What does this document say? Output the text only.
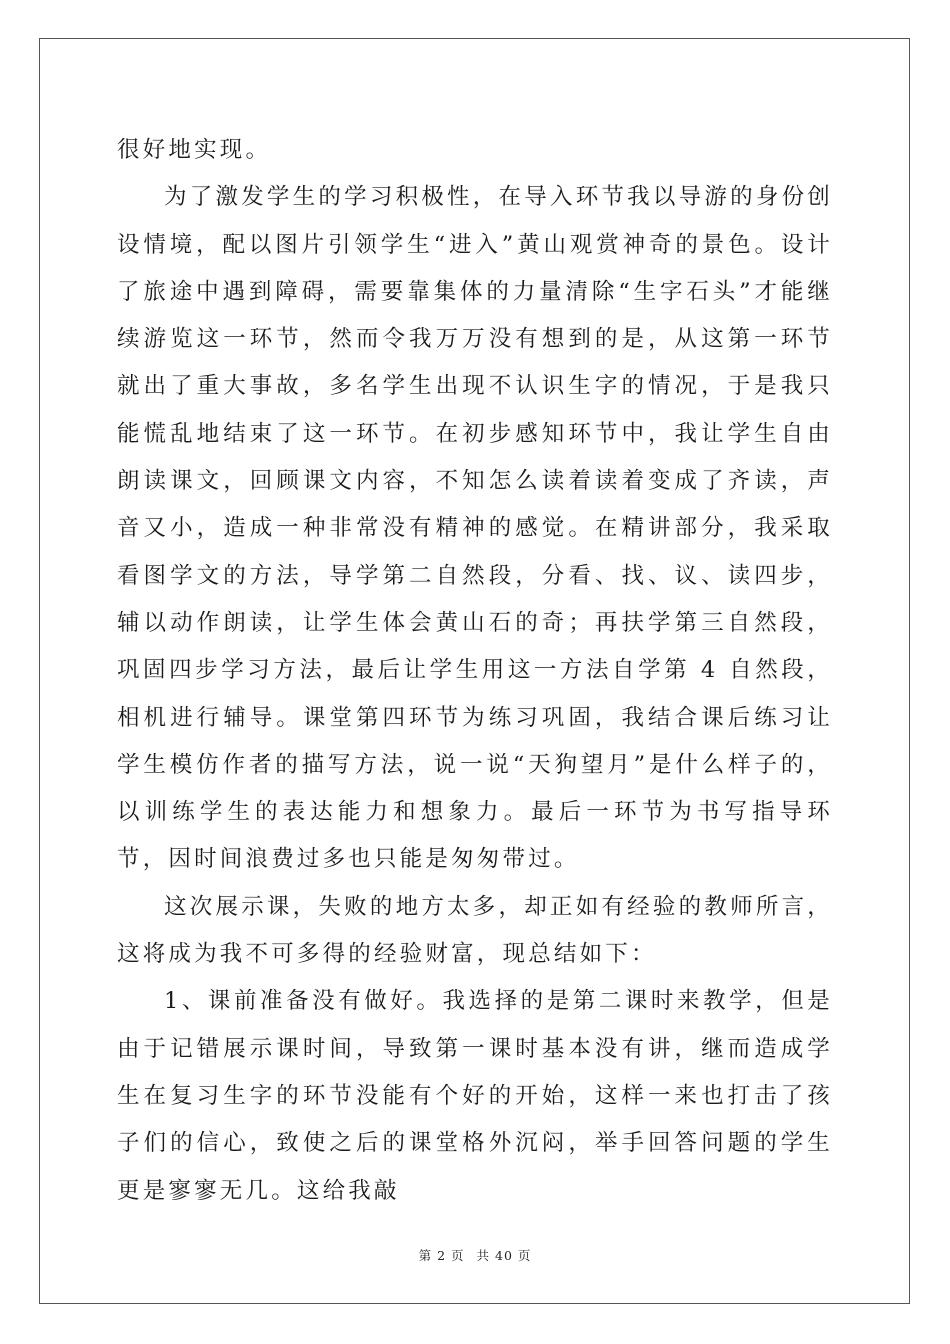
很好地实现。

为了激发学生的学习积极性，在导入环节我以导游的身份创设情境，配以图片引领学生“进入”黄山观赏神奇的景色。设计了旅途中遇到障碍，需要靠集体的力量清除“生字石头”才能继续游览这一环节，然而令我万万没有想到的是，从这第一环节就出了重大事故，多名学生出现不认识生字的情况，于是我只能慌乱地结束了这一环节。在初步感知环节中，我让学生自由朗读课文，回顾课文内容，不知怎么读着读着变成了齐读，声音又小，造成一种非常没有精神的感觉。在精讲部分，我采取看图学文的方法，导学第二自然段，分看、找、议、读四步，辅以动作朗读，让学生体会黄山石的奇；再扶学第三自然段，巩固四步学习方法，最后让学生用这一方法自学第 4 自然段，相机进行辅导。课堂第四环节为练习巩固，我结合课后练习让学生模仿作者的描写方法，说一说“天狗望月”是什么样子的，以训练学生的表达能力和想象力。最后一环节为书写指导环节，因时间浪费过多也只能是匆匆带过。

这次展示课，失败的地方太多，却正如有经验的教师所言，这将成为我不可多得的经验财富，现总结如下：

1、课前准备没有做好。我选择的是第二课时来教学，但是由于记错展示课时间，导致第一课时基本没有讲，继而造成学生在复习生字的环节没能有个好的开始，这样一来也打击了孩子们的信心，致使之后的课堂格外沉闷，举手回答问题的学生更是寥寥无几。这给我敲

第 2 页 共 40 页
